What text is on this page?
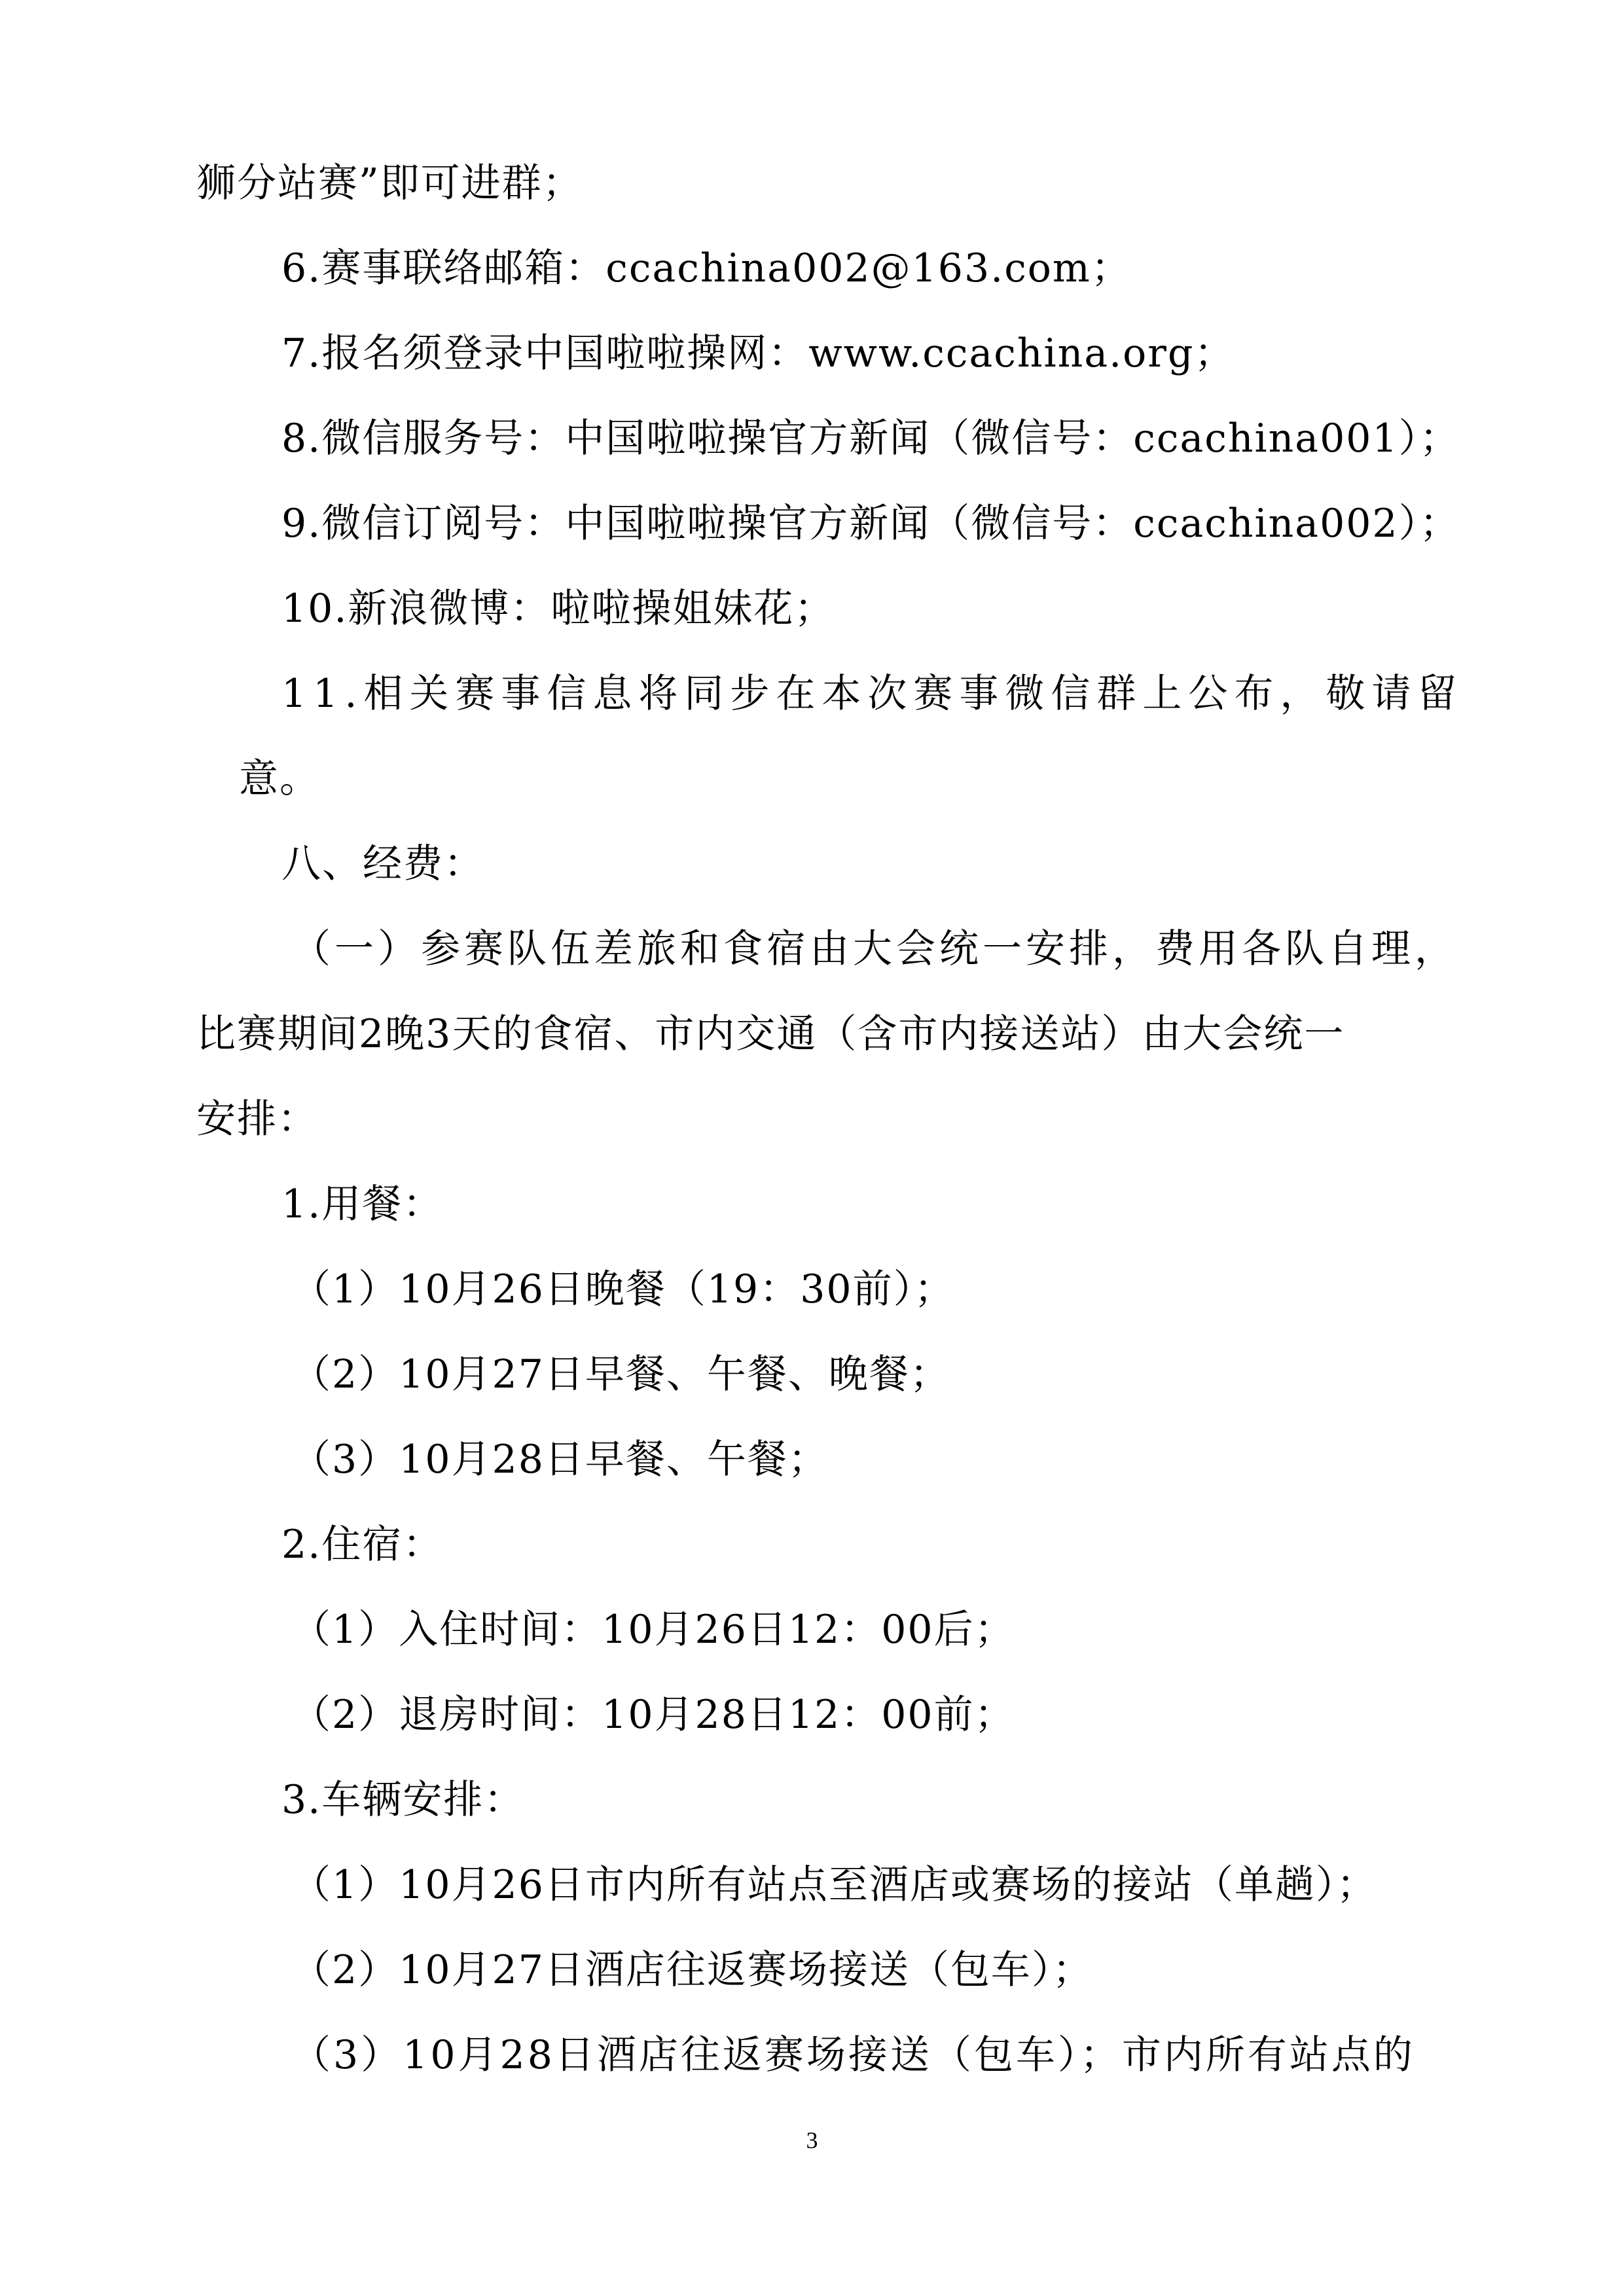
狮分站赛”即可进群；
6.赛事联络邮箱：ccachina002@163.com；
7.报名须登录中国啦啦操网：www.ccachina.org；
8.微信服务号：中国啦啦操官方新闻（微信号：ccachina001）；
9.微信订阅号：中国啦啦操官方新闻（微信号：ccachina002）；
10.新浪微博：啦啦操姐妹花；
11.相关赛事信息将同步在本次赛事微信群上公布，敬请留
意。
八、经费：
（一）参赛队伍差旅和食宿由大会统一安排，费用各队自理，
比赛期间2晚3天的食宿、市内交通（含市内接送站）由大会统一
安排：
1.用餐：
（1）10月26日晚餐（19：30前）；
（2）10月27日早餐、午餐、晚餐；
（3）10月28日早餐、午餐；
2.住宿：
（1）入住时间：10月26日12：00后；
（2）退房时间：10月28日12：00前；
3.车辆安排：
（1）10月26日市内所有站点至酒店或赛场的接站（单趟）；
（2）10月27日酒店往返赛场接送（包车）；
（3）10月28日酒店往返赛场接送（包车）；市内所有站点的
3
